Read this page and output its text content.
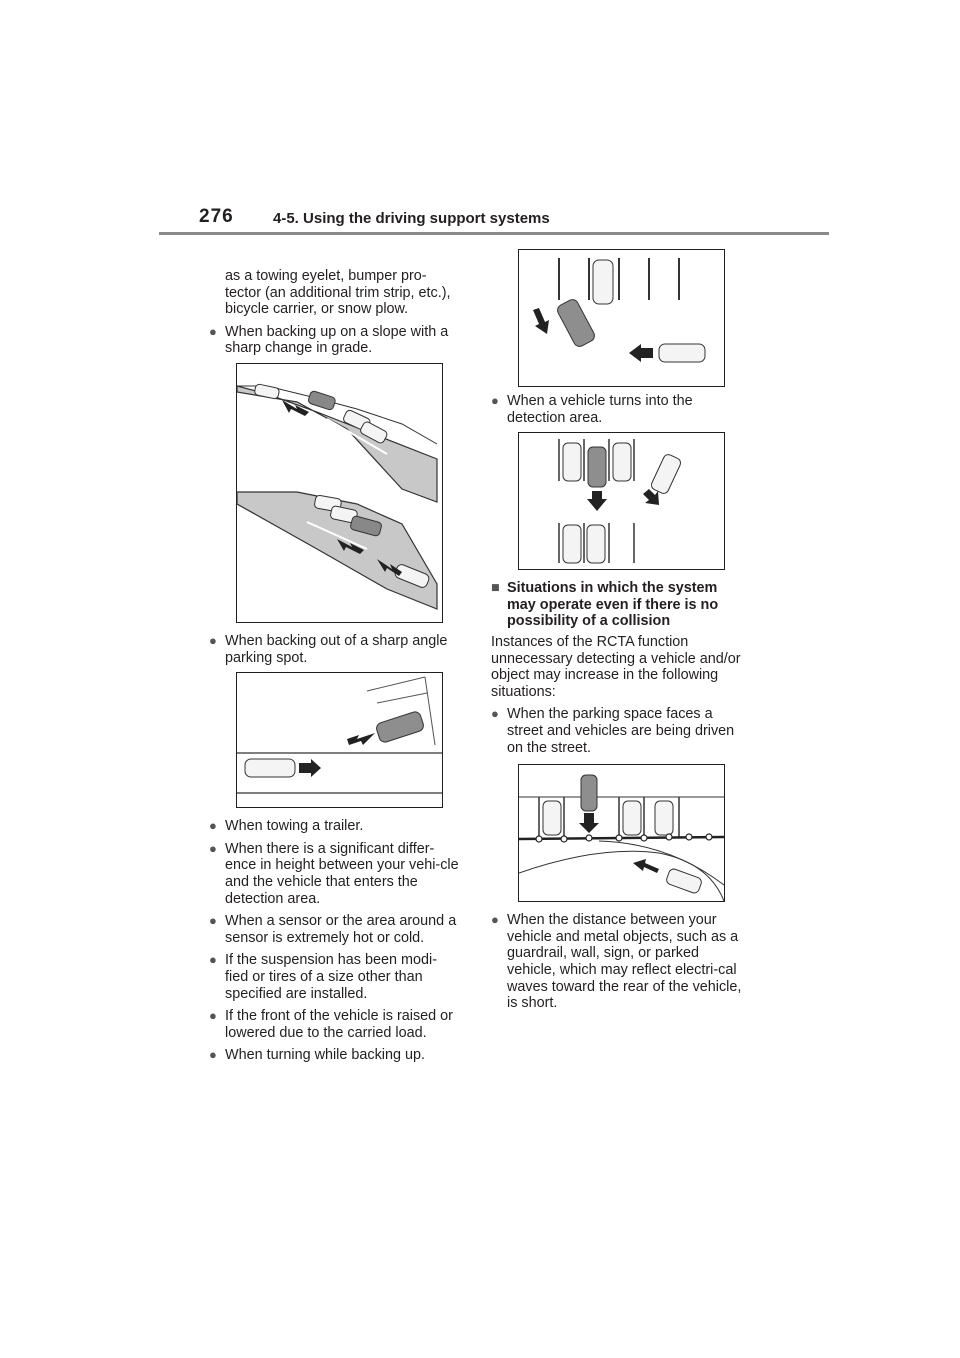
276	4-5. Using the driving support systems

as a towing eyelet, bumper pro-tector (an additional trim strip, etc.), bicycle carrier, or snow plow.

● When backing up on a slope with a sharp change in grade.
● When backing out of a sharp angle parking spot.
● When towing a trailer.
● When there is a significant differ-ence in height between your vehi-cle and the vehicle that enters the detection area.
● When a sensor or the area around a sensor is extremely hot or cold.
● If the suspension has been modi-fied or tires of a size other than specified are installed.
● If the front of the vehicle is raised or lowered due to the carried load.
● When turning while backing up.
● When a vehicle turns into the detection area.
■ Situations in which the system may operate even if there is no possibility of a collision

Instances of the RCTA function unnecessary detecting a vehicle and/or object may increase in the following situations:

● When the parking space faces a street and vehicles are being driven on the street.
● When the distance between your vehicle and metal objects, such as a guardrail, wall, sign, or parked vehicle, which may reflect electri-cal waves toward the rear of the vehicle, is short.
